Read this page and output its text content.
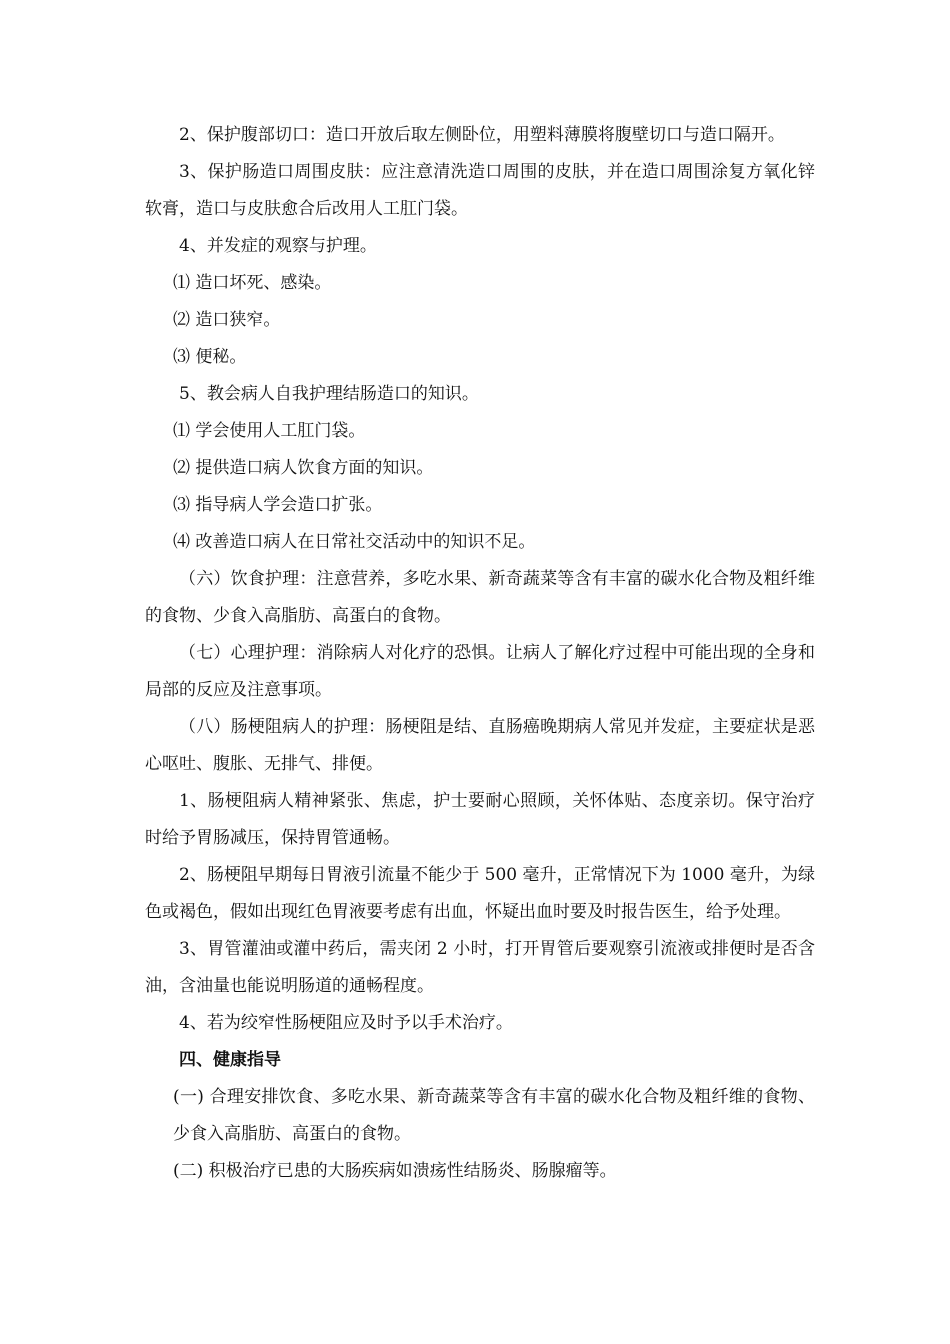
2、保护腹部切口：造口开放后取左侧卧位，用塑料薄膜将腹壁切口与造口隔开。

3、保护肠造口周围皮肤：应注意清洗造口周围的皮肤，并在造口周围涂复方氧化锌软膏，造口与皮肤愈合后改用人工肛门袋。

4、并发症的观察与护理。

⑴ 造口坏死、感染。

⑵ 造口狭窄。

⑶ 便秘。

5、教会病人自我护理结肠造口的知识。

⑴ 学会使用人工肛门袋。

⑵ 提供造口病人饮食方面的知识。

⑶ 指导病人学会造口扩张。

⑷ 改善造口病人在日常社交活动中的知识不足。

（六）饮食护理：注意营养，多吃水果、新奇蔬菜等含有丰富的碳水化合物及粗纤维的食物、少食入高脂肪、高蛋白的食物。

（七）心理护理：消除病人对化疗的恐惧。让病人了解化疗过程中可能出现的全身和局部的反应及注意事项。

（八）肠梗阻病人的护理：肠梗阻是结、直肠癌晚期病人常见并发症，主要症状是恶心呕吐、腹胀、无排气、排便。

1、肠梗阻病人精神紧张、焦虑，护士要耐心照顾，关怀体贴、态度亲切。保守治疗时给予胃肠减压，保持胃管通畅。

2、肠梗阻早期每日胃液引流量不能少于 500 毫升，正常情况下为 1000 毫升，为绿色或褐色，假如出现红色胃液要考虑有出血，怀疑出血时要及时报告医生，给予处理。

3、胃管灌油或灌中药后，需夹闭 2 小时，打开胃管后要观察引流液或排便时是否含油，含油量也能说明肠道的通畅程度。

4、若为绞窄性肠梗阻应及时予以手术治疗。

四、健康指导

(一) 合理安排饮食、多吃水果、新奇蔬菜等含有丰富的碳水化合物及粗纤维的食物、少食入高脂肪、高蛋白的食物。

(二) 积极治疗已患的大肠疾病如溃疡性结肠炎、肠腺瘤等。
